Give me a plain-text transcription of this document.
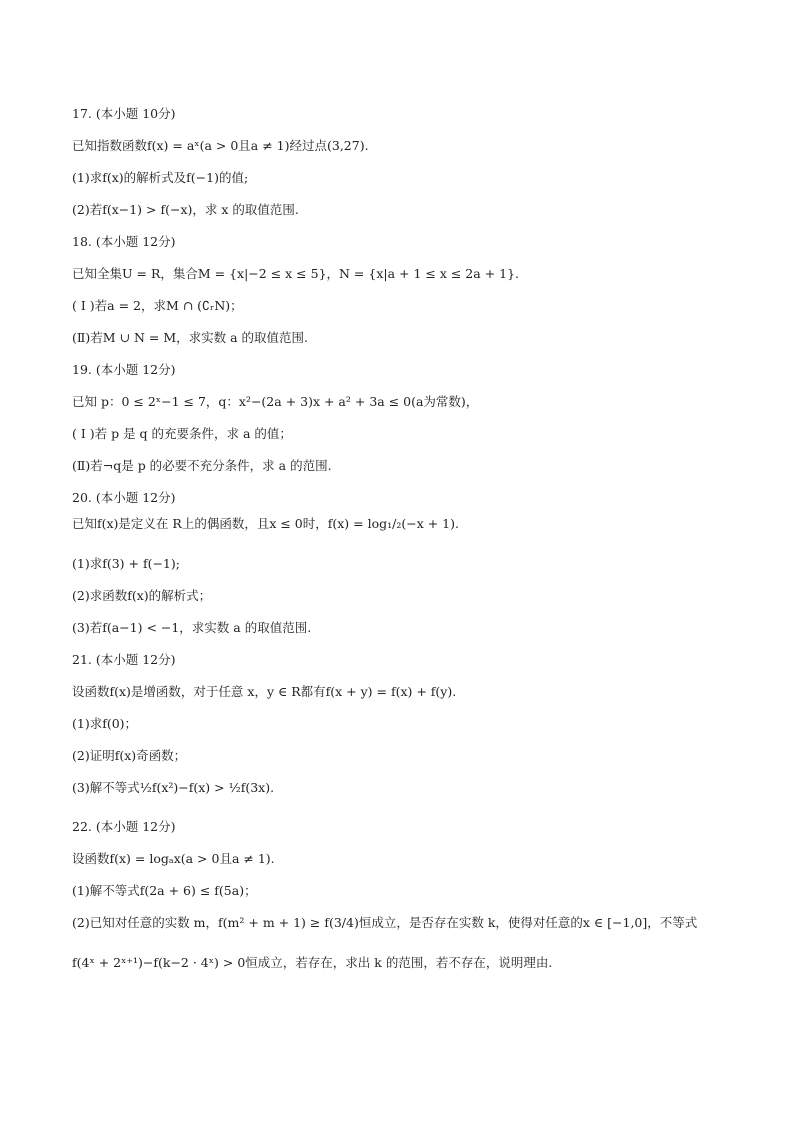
17. (本小题 10分)
已知指数函数f(x) = aˣ(a > 0且a ≠ 1)经过点(3,27).
(1)求f(x)的解析式及f(−1)的值;
(2)若f(x−1) > f(−x)，求 x 的取值范围.
18. (本小题 12分)
已知全集U = R，集合M = {x|−2 ≤ x ≤ 5}，N = {x|a + 1 ≤ x ≤ 2a + 1}.
( I )若a = 2，求M ∩ (∁ᵣN)；
(Ⅱ)若M ∪ N = M，求实数 a 的取值范围.
19. (本小题 12分)
已知 p：0 ≤ 2ˣ−1 ≤ 7，q：x²−(2a + 3)x + a² + 3a ≤ 0(a为常数)，
( I )若 p 是 q 的充要条件，求 a 的值；
(Ⅱ)若¬q是 p 的必要不充分条件，求 a 的范围.
20. (本小题 12分)
已知f(x)是定义在 R上的偶函数，且x ≤ 0时，f(x) = log₁/₂(−x + 1).
(1)求f(3) + f(−1);
(2)求函数f(x)的解析式；
(3)若f(a−1) < −1，求实数 a 的取值范围.
21. (本小题 12分)
设函数f(x)是增函数，对于任意 x，y ∈ R都有f(x + y) = f(x) + f(y).
(1)求f(0)；
(2)证明f(x)奇函数；
(3)解不等式½f(x²)−f(x) > ½f(3x).
22. (本小题 12分)
设函数f(x) = logₐx(a > 0且a ≠ 1).
(1)解不等式f(2a + 6) ≤ f(5a)；
(2)已知对任意的实数 m，f(m² + m + 1) ≥ f(3/4)恒成立，是否存在实数 k，使得对任意的x ∈ [−1,0]，不等式
f(4ˣ + 2ˣ⁺¹)−f(k−2 · 4ˣ) > 0恒成立，若存在，求出 k 的范围，若不存在，说明理由.
